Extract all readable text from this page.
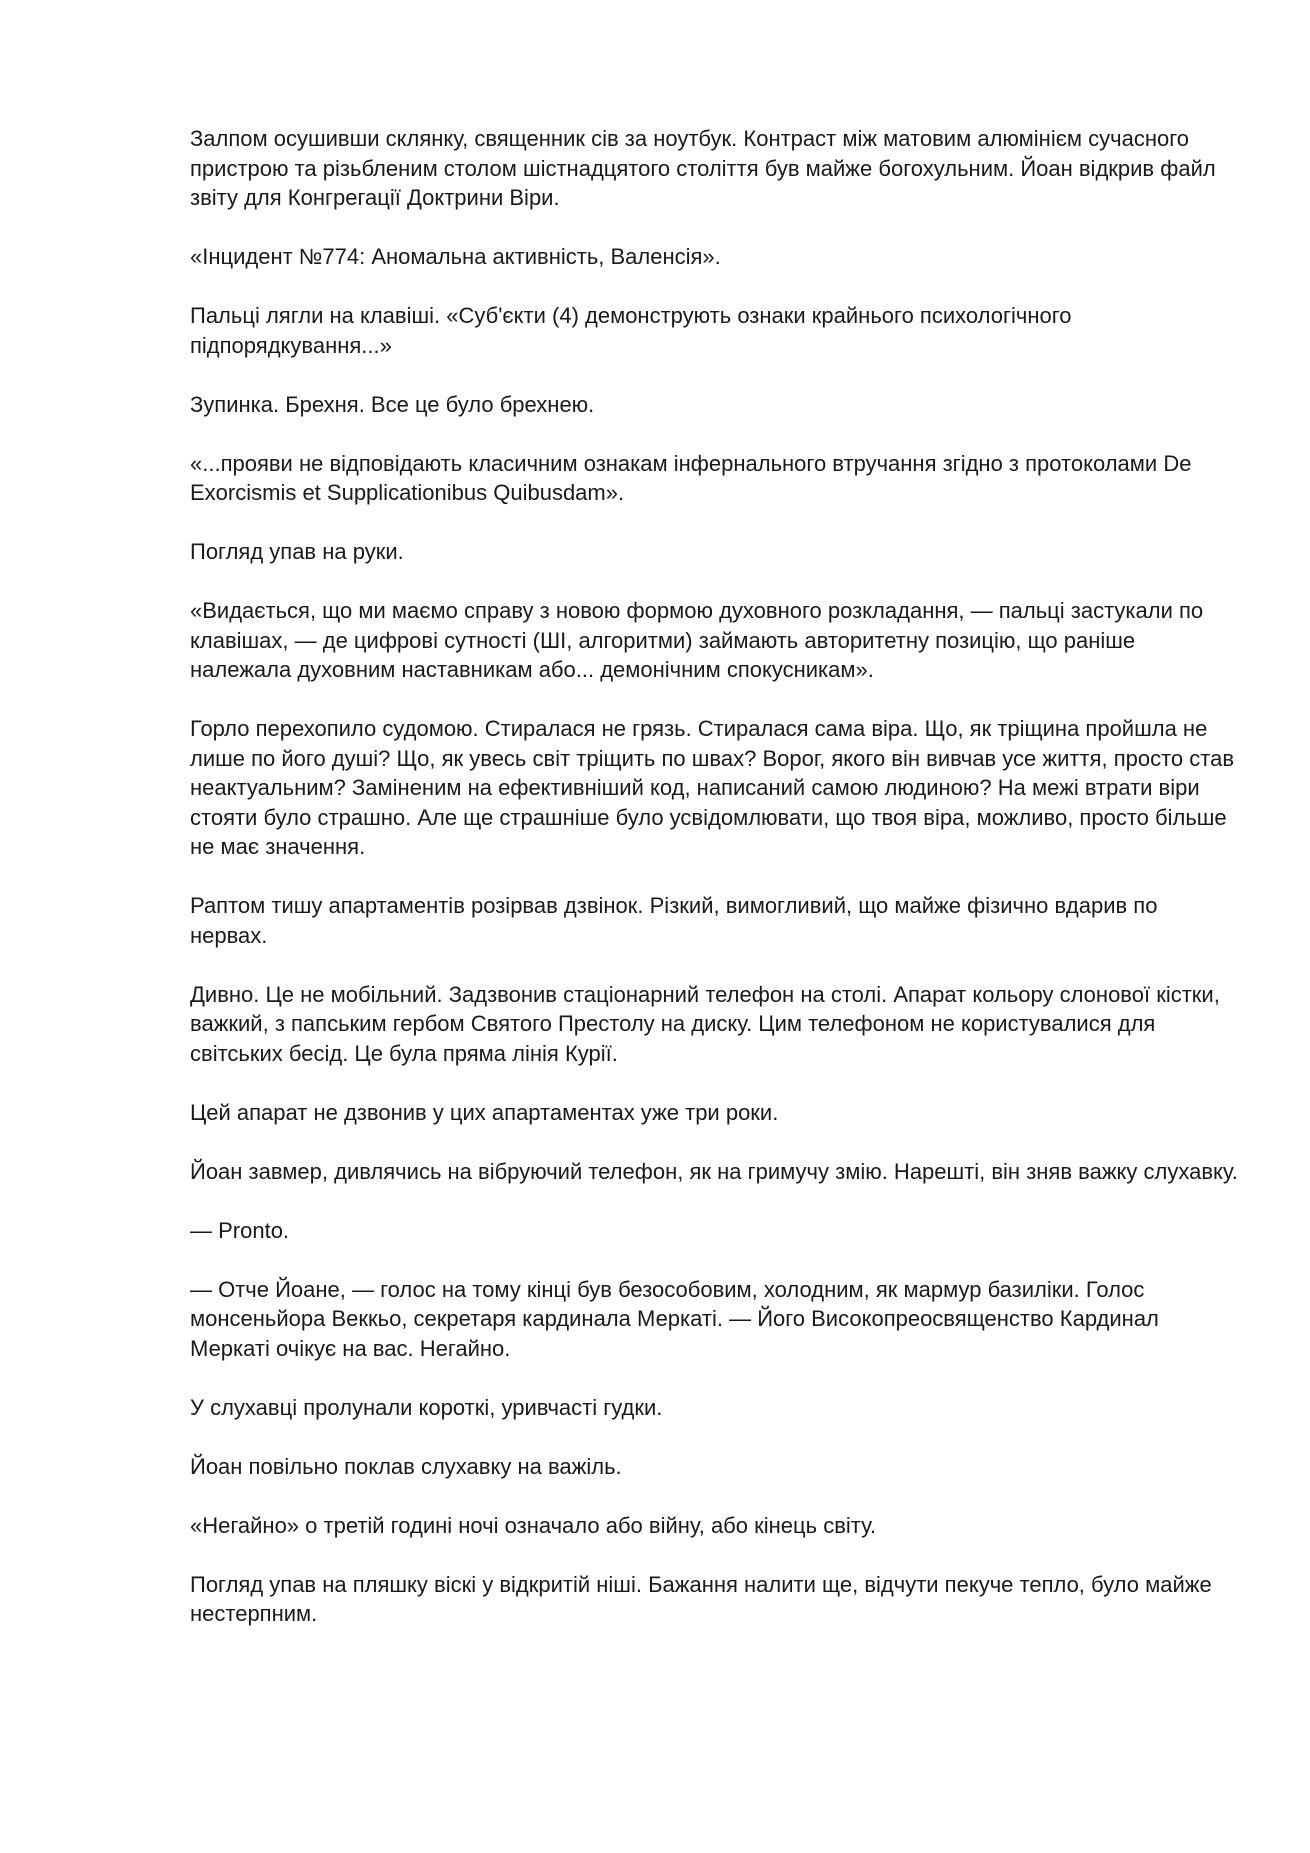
Залпом осушивши склянку, священник сів за ноутбук. Контраст між матовим алюмінієм сучасного пристрою та різьбленим столом шістнадцятого століття був майже богохульним. Йоан відкрив файл звіту для Конгрегації Доктрини Віри.

«Інцидент №774: Аномальна активність, Валенсія».

Пальці лягли на клавіші. «Суб'єкти (4) демонструють ознаки крайнього психологічного підпорядкування...»

Зупинка. Брехня. Все це було брехнею.

«...прояви не відповідають класичним ознакам інфернального втручання згідно з протоколами De Exorcismis et Supplicationibus Quibusdam».

Погляд упав на руки.

«Видається, що ми маємо справу з новою формою духовного розкладання, — пальці застукали по клавішах, — де цифрові сутності (ШІ, алгоритми) займають авторитетну позицію, що раніше належала духовним наставникам або... демонічним спокусникам».

Горло перехопило судомою. Стиралася не грязь. Стиралася сама віра. Що, як тріщина пройшла не лише по його душі? Що, як увесь світ тріщить по швах? Ворог, якого він вивчав усе життя, просто став неактуальним? Заміненим на ефективніший код, написаний самою людиною? На межі втрати віри стояти було страшно. Але ще страшніше було усвідомлювати, що твоя віра, можливо, просто більше не має значення.

Раптом тишу апартаментів розірвав дзвінок. Різкий, вимогливий, що майже фізично вдарив по нервах.

Дивно. Це не мобільний. Задзвонив стаціонарний телефон на столі. Апарат кольору слонової кістки, важкий, з папським гербом Святого Престолу на диску. Цим телефоном не користувалися для світських бесід. Це була пряма лінія Курії.

Цей апарат не дзвонив у цих апартаментах уже три роки.

Йоан завмер, дивлячись на вібруючий телефон, як на гримучу змію. Нарешті, він зняв важку слухавку.

— Pronto.

— Отче Йоане, — голос на тому кінці був безособовим, холодним, як мармур базиліки. Голос монсеньйора Веккьо, секретаря кардинала Меркаті. — Його Високопреосвященство Кардинал Меркаті очікує на вас. Негайно.

У слухавці пролунали короткі, уривчасті гудки.

Йоан повільно поклав слухавку на важіль.

«Негайно» о третій годині ночі означало або війну, або кінець світу.

Погляд упав на пляшку віскі у відкритій ніші. Бажання налити ще, відчути пекуче тепло, було майже нестерпним.
